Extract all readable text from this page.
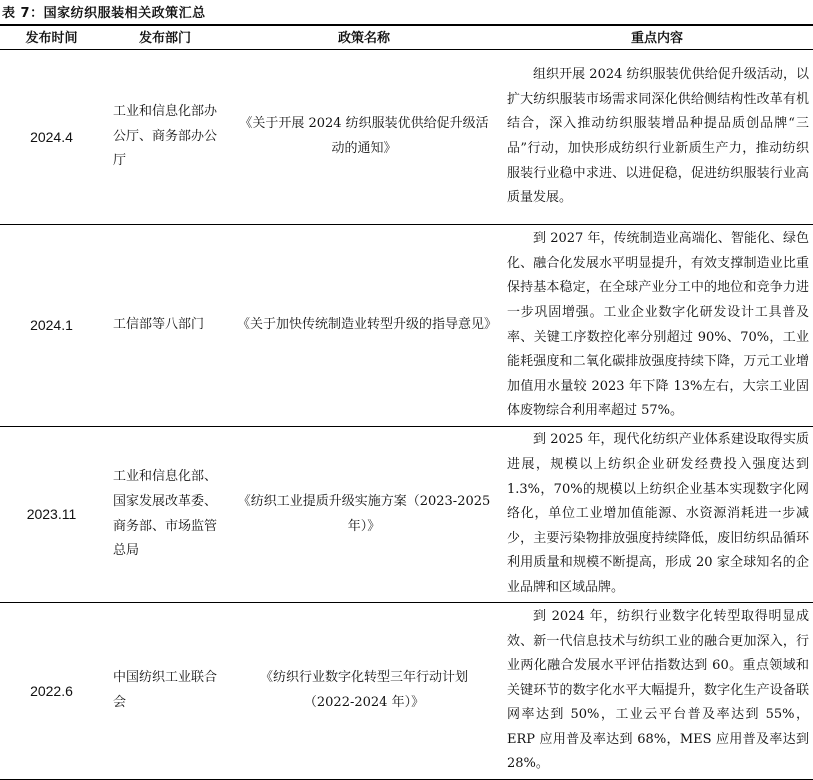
表 7：国家纺织服装相关政策汇总
发布时间	发布部门	政策名称	重点内容
2024.4	工业和信息化部办公厅、商务部办公厅	《关于开展 2024 纺织服装优供给促升级活动的通知》	组织开展 2024 纺织服装优供给促升级活动，以扩大纺织服装市场需求同深化供给侧结构性改革有机结合，深入推动纺织服装增品种提品质创品牌“三品”行动，加快形成纺织行业新质生产力，推动纺织服装行业稳中求进、以进促稳，促进纺织服装行业高质量发展。

2024.1	工信部等八部门	《关于加快传统制造业转型升级的指导意见》	到 2027 年，传统制造业高端化、智能化、绿色化、融合化发展水平明显提升，有效支撑制造业比重保持基本稳定，在全球产业分工中的地位和竞争力进一步巩固增强。工业企业数字化研发设计工具普及率、关键工序数控化率分别超过 90%、70%，工业能耗强度和二氧化碳排放强度持续下降，万元工业增加值用水量较 2023 年下降 13%左右，大宗工业固体废物综合利用率超过 57%。

2023.11	工业和信息化部、国家发展改革委、商务部、市场监管总局	《纺织工业提质升级实施方案（2023-2025 年）》	到 2025 年，现代化纺织产业体系建设取得实质进展，规模以上纺织企业研发经费投入强度达到 1.3%，70%的规模以上纺织企业基本实现数字化网络化，单位工业增加值能源、水资源消耗进一步减少，主要污染物排放强度持续降低，废旧纺织品循环利用质量和规模不断提高，形成 20 家全球知名的企业品牌和区域品牌。

2022.6	中国纺织工业联合会	《纺织行业数字化转型三年行动计划（2022-2024 年）》	到 2024 年，纺织行业数字化转型取得明显成效、新一代信息技术与纺织工业的融合更加深入，行业两化融合发展水平评估指数达到 60。重点领域和关键环节的数字化水平大幅提升，数字化生产设备联网率达到 50%，工业云平台普及率达到 55%，ERP 应用普及率达到 68%，MES 应用普及率达到 28%。
